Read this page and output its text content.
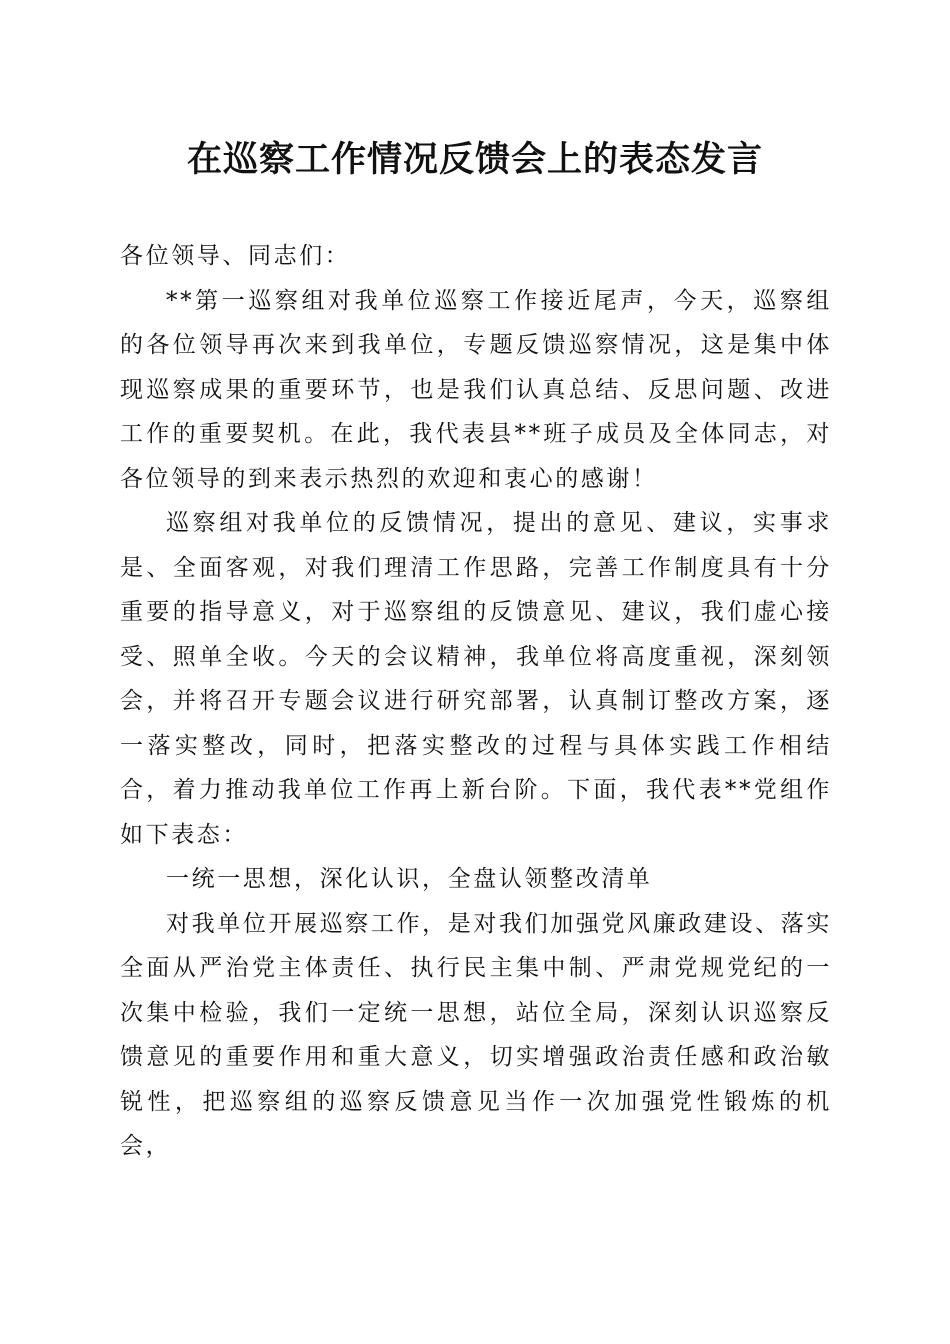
在巡察工作情况反馈会上的表态发言

各位领导、同志们：

**第一巡察组对我单位巡察工作接近尾声，今天，巡察组的各位领导再次来到我单位，专题反馈巡察情况，这是集中体现巡察成果的重要环节，也是我们认真总结、反思问题、改进工作的重要契机。在此，我代表县**班子成员及全体同志，对各位领导的到来表示热烈的欢迎和衷心的感谢！

巡察组对我单位的反馈情况，提出的意见、建议，实事求是、全面客观，对我们理清工作思路，完善工作制度具有十分重要的指导意义，对于巡察组的反馈意见、建议，我们虚心接受、照单全收。今天的会议精神，我单位将高度重视，深刻领会，并将召开专题会议进行研究部署，认真制订整改方案，逐一落实整改，同时，把落实整改的过程与具体实践工作相结合，着力推动我单位工作再上新台阶。下面，我代表**党组作如下表态：

一统一思想，深化认识，全盘认领整改清单

对我单位开展巡察工作，是对我们加强党风廉政建设、落实全面从严治党主体责任、执行民主集中制、严肃党规党纪的一次集中检验，我们一定统一思想，站位全局，深刻认识巡察反馈意见的重要作用和重大意义，切实增强政治责任感和政治敏锐性，把巡察组的巡察反馈意见当作一次加强党性锻炼的机会，
